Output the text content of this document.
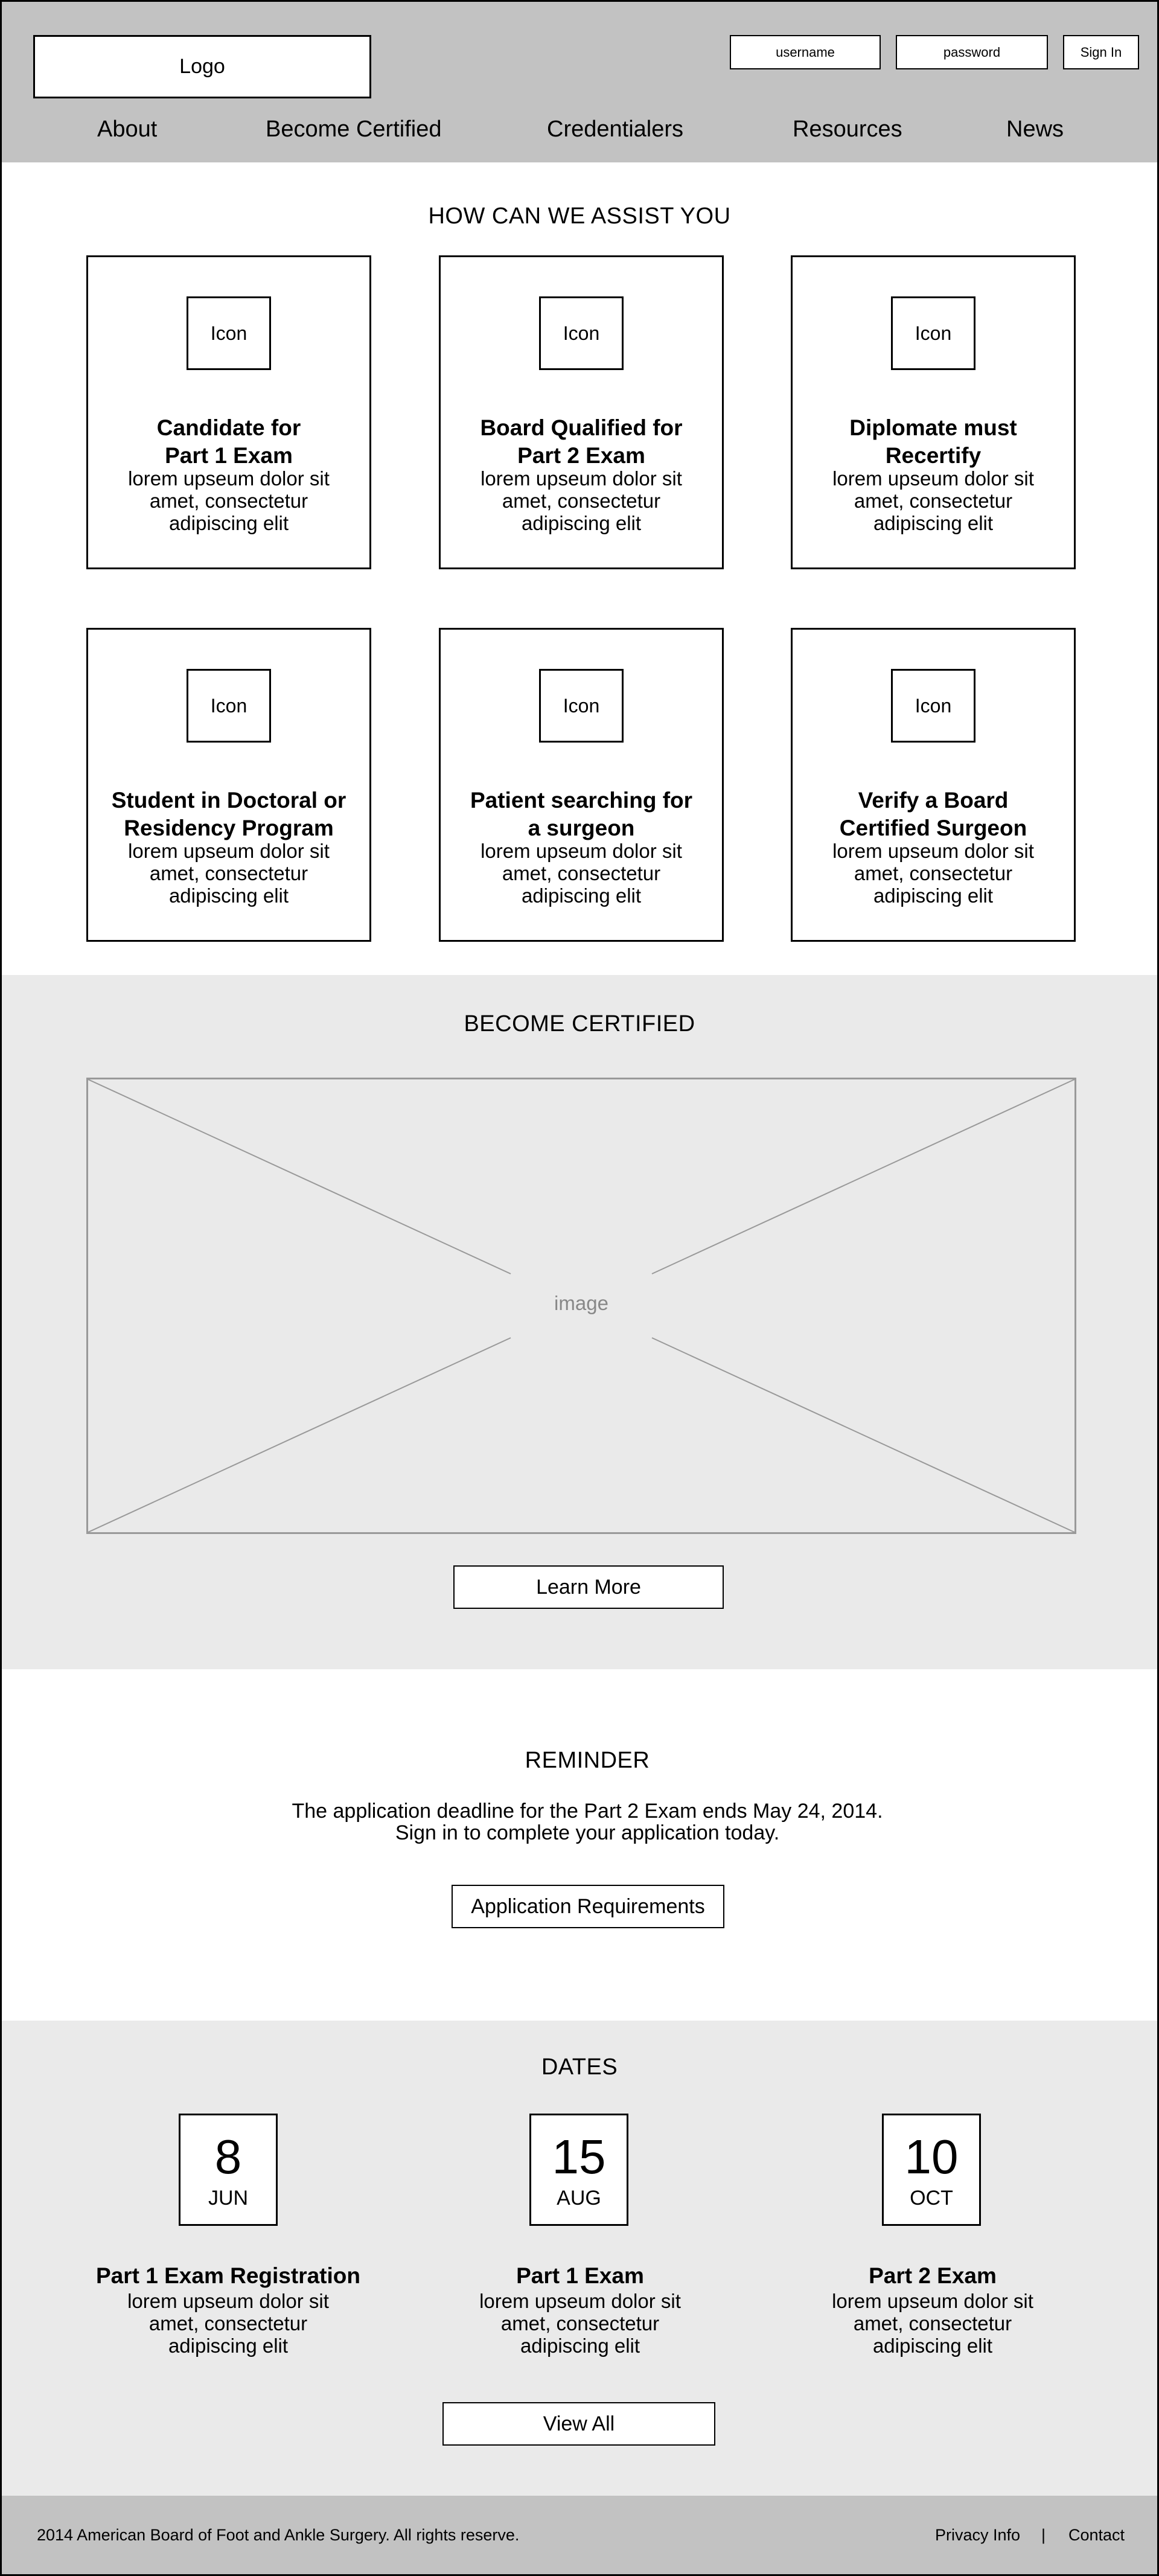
Logo
username	password	Sign In
About	Become Certified	Credentialers	Resources	News
HOW CAN WE ASSIST YOU
Icon
Candidate for
Part 1 Exam
lorem upseum dolor sit
amet, consectetur
adipiscing elit
Icon
Board Qualified for
Part 2 Exam
lorem upseum dolor sit
amet, consectetur
adipiscing elit
Icon
Diplomate must
Recertify
lorem upseum dolor sit
amet, consectetur
adipiscing elit
Icon
Student in Doctoral or
Residency Program
lorem upseum dolor sit
amet, consectetur
adipiscing elit
Icon
Patient searching for
a surgeon
lorem upseum dolor sit
amet, consectetur
adipiscing elit
Icon
Verify a Board
Certified Surgeon
lorem upseum dolor sit
amet, consectetur
adipiscing elit
BECOME CERTIFIED
image
Learn More
REMINDER
The application deadline for the Part 2 Exam ends May 24, 2014.
Sign in to complete your application today.
Application Requirements
DATES
8
JUN
15
AUG
10
OCT
Part 1 Exam Registration
lorem upseum dolor sit
amet, consectetur
adipiscing elit
Part 1 Exam
lorem upseum dolor sit
amet, consectetur
adipiscing elit
Part 2 Exam
lorem upseum dolor sit
amet, consectetur
adipiscing elit
View All
2014 American Board of Foot and Ankle Surgery. All rights reserve.	Privacy Info | Contact
